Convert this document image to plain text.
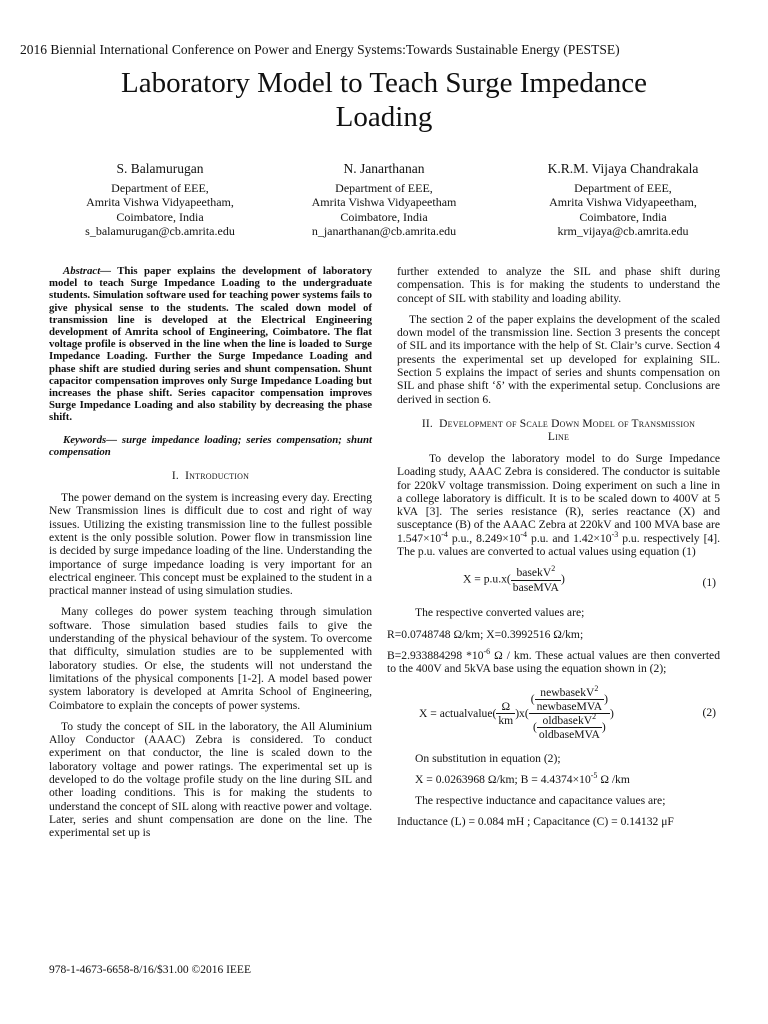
2016 Biennial International Conference on Power and Energy Systems:Towards Sustainable Energy (PESTSE)
Laboratory Model to Teach Surge Impedance
Loading
S. Balamurugan
Department of EEE,
Amrita Vishwa Vidyapeetham,
Coimbatore, India
s_balamurugan@cb.amrita.edu
N. Janarthanan
Department of EEE,
Amrita Vishwa Vidyapeetham
Coimbatore, India
n_janarthanan@cb.amrita.edu
K.R.M. Vijaya Chandrakala
Department of EEE,
Amrita Vishwa Vidyapeetham,
Coimbatore, India
krm_vijaya@cb.amrita.edu

Abstract— This paper explains the development of laboratory model to teach Surge Impedance Loading to the undergraduate students. Simulation software used for teaching power systems fails to give physical sense to the students. The scaled down model of transmission line is developed at the Electrical Engineering development of Amrita school of Engineering, Coimbatore. The flat voltage profile is observed in the line when the line is loaded to Surge Impedance Loading. Further the Surge Impedance Loading and phase shift are studied during series and shunt compensation. Shunt capacitor compensation improves only Surge Impedance Loading but increases the phase shift. Series capacitor compensation improves Surge Impedance Loading and also stability by decreasing the phase shift.

Keywords— surge impedance loading; series compensation; shunt compensation

I. Introduction

The power demand on the system is increasing every day. Erecting New Transmission lines is difficult due to cost and right of way issues. Utilizing the existing transmission line to the fullest possible extent is the only possible solution. Power flow in transmission line is decided by surge impedance loading of the line. Understanding the importance of surge impedance loading is very important for an electrical engineer. This concept must be explained to the student in a practical manner instead of using simulation studies.

Many colleges do power system teaching through simulation software. Those simulation based studies fails to give the understanding of the physical behaviour of the system. To overcome that difficulty, simulation studies are to be supplemented with laboratory studies. Or else, the students will not understand the limitations of the physical components [1-2]. A model based power system laboratory is developed at Amrita School of Engineering, Coimbatore to explain the concepts of power systems.

To study the concept of SIL in the laboratory, the All Aluminium Alloy Conductor (AAAC) Zebra is considered. To conduct experiment on that conductor, the line is scaled down to the laboratory voltage and power ratings. The experimental set up is developed to do the voltage profile study on the line during SIL and other loading conditions. This is for making the students to understand the concept of SIL along with reactive power and voltage. Later, series and shunt compensation are done on the line. The experimental set up is

further extended to analyze the SIL and phase shift during compensation. This is for making the students to understand the concept of SIL with stability and loading ability.

The section 2 of the paper explains the development of the scaled down model of the transmission line. Section 3 presents the concept of SIL and its importance with the help of St. Clair’s curve. Section 4 presents the experimental set up developed for explaining SIL. Section 5 explains the impact of series and shunts compensation on SIL and phase shift ‘δ’ with the experimental setup. Conclusions are derived in section 6.

II. Development of Scale Down Model of Transmission
Line

To develop the laboratory model to do Surge Impedance Loading study, AAAC Zebra is considered. The conductor is suitable for 220kV voltage transmission. Doing experiment on such a line in a college laboratory is difficult. It is to be scaled down to 400V at 5 kVA [3]. The series resistance (R), series reactance (X) and susceptance (B) of the AAAC Zebra at 220kV and 100 MVA base are $1.547\times 10^{-4}$ p.u., $8.249\times 10^{-4}$ p.u. and $1.42\times 10^{-3}$ p.u. respectively [4]. The p.u. values are converted to actual values using equation (1)

$X = p.u.x( \frac{basekV^2}{\text{baseMVA}}$ )	(1)

The respective converted values are;

R=0.0748748 Ω/km; X=0.3992516 Ω/km;

B=2.933884298 $*10^{-6}$ Ω / km. These actual values are then converted to the 400V and 5kVA base using the equation shown in (2);

X = actualvalue( $\frac{\Omega}{km} )x( \frac{( \frac{newbasekV^2}{\text{newbaseMVA}} )}{( \frac{oldbasekV^2}{\text{oldbaseMVA}} )}$ )	(2)

On substitution in equation (2);

X = 0.0263968 Ω/km; $B = 4.4374\times 10^{-5}$ Ω /km

The respective inductance and capacitance values are;

Inductance (L) = 0.084 mH ; Capacitance (C) = 0.14132 μF

978-1-4673-6658-8/16/$31.00 ©2016 IEEE
